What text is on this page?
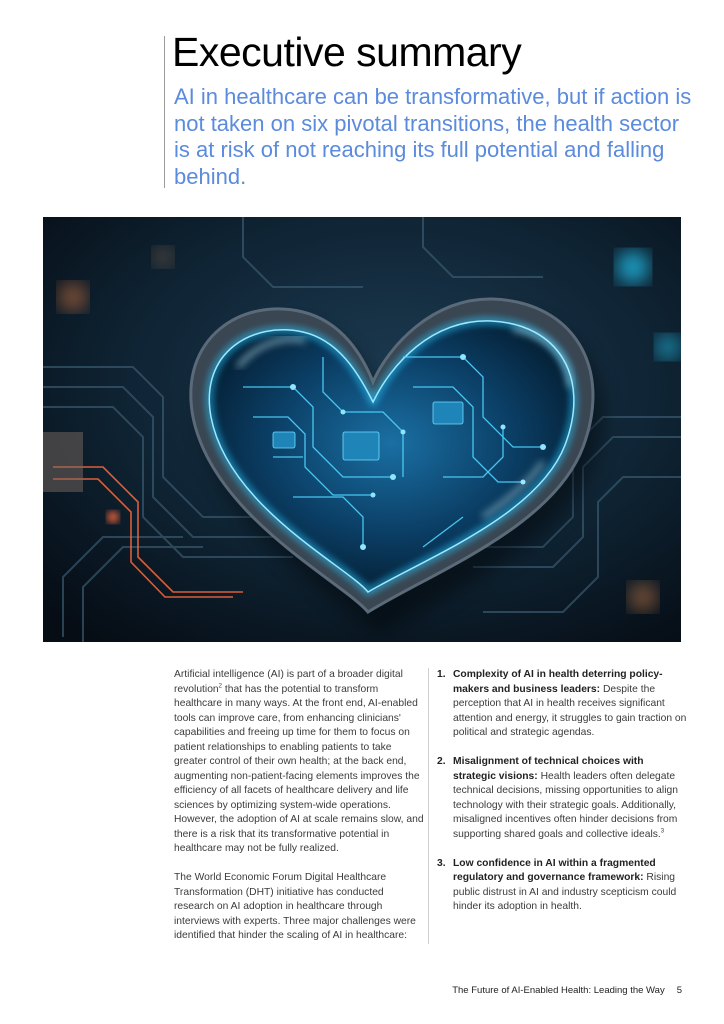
Executive summary

AI in healthcare can be transformative, but if action is not taken on six pivotal transitions, the health sector is at risk of not reaching its full potential and falling behind.

Artificial intelligence (AI) is part of a broader digital revolution$^2$ that has the potential to transform healthcare in many ways. At the front end, AI-enabled tools can improve care, from enhancing clinicians' capabilities and freeing up time for them to focus on patient relationships to enabling patients to take greater control of their own health; at the back end, augmenting non-patient-facing elements improves the efficiency of all facets of healthcare delivery and life sciences by optimizing system-wide operations. However, the adoption of AI at scale remains slow, and there is a risk that its transformative potential in healthcare may not be fully realized.

The World Economic Forum Digital Healthcare Transformation (DHT) initiative has conducted research on AI adoption in healthcare through interviews with experts. Three major challenges were identified that hinder the scaling of AI in healthcare:

1. Complexity of AI in health deterring policy-makers and business leaders: Despite the perception that AI in health receives significant attention and energy, it struggles to gain traction on political and strategic agendas.
2. Misalignment of technical choices with strategic visions: Health leaders often delegate technical decisions, missing opportunities to align technology with their strategic goals. Additionally, misaligned incentives often hinder decisions from supporting shared goals and collective ideals.$^3$
3. Low confidence in AI within a fragmented regulatory and governance framework: Rising public distrust in AI and industry scepticism could hinder its adoption in health.
The Future of AI-Enabled Health: Leading the Way 5
